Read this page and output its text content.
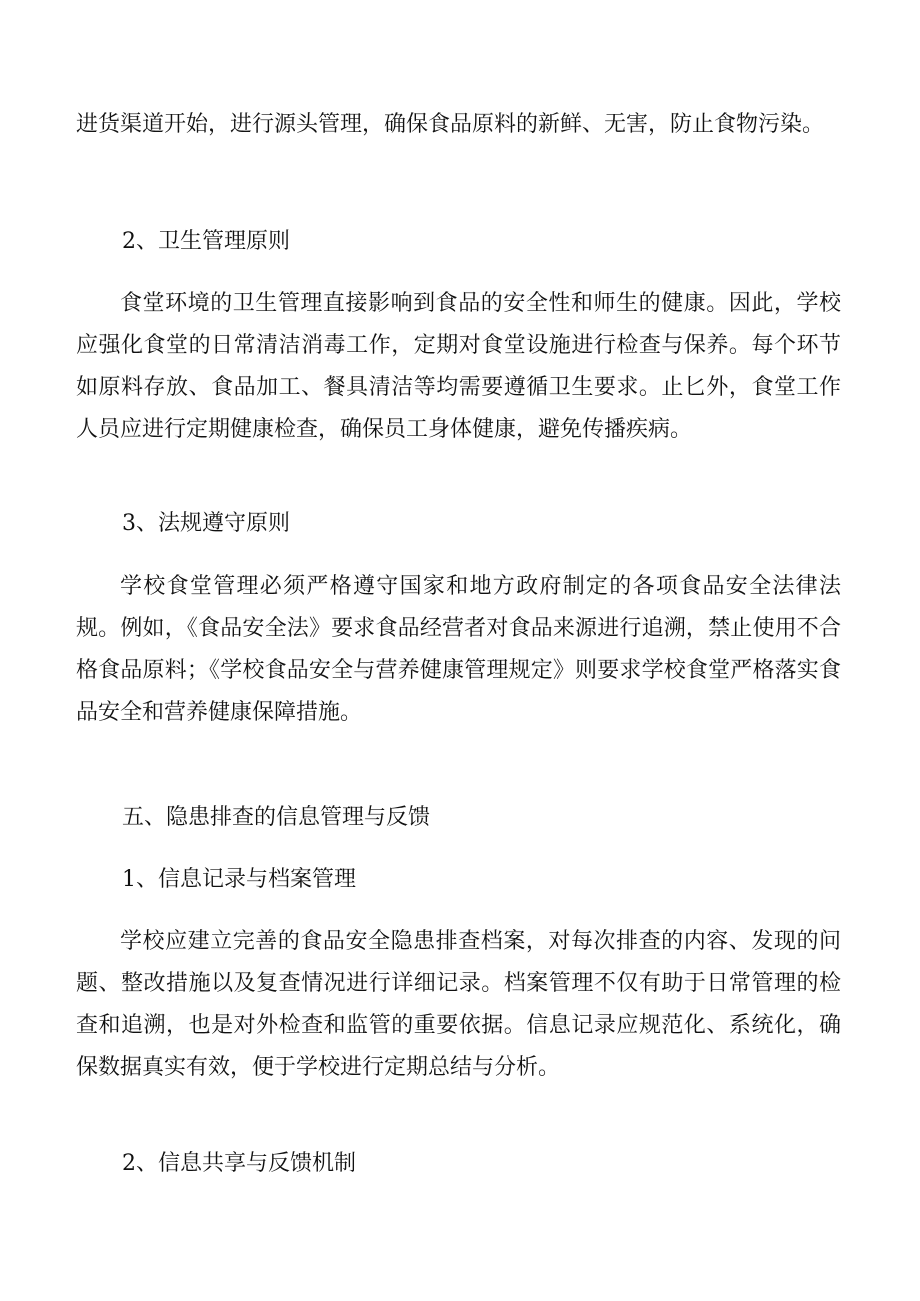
进货渠道开始，进行源头管理，确保食品原料的新鲜、无害，防止食物污染。

2、卫生管理原则

食堂环境的卫生管理直接影响到食品的安全性和师生的健康。因此，学校应强化食堂的日常清洁消毒工作，定期对食堂设施进行检查与保养。每个环节如原料存放、食品加工、餐具清洁等均需要遵循卫生要求。止匕外，食堂工作人员应进行定期健康检查，确保员工身体健康，避免传播疾病。

3、法规遵守原则

学校食堂管理必须严格遵守国家和地方政府制定的各项食品安全法律法规。例如，《食品安全法》要求食品经营者对食品来源进行追溯，禁止使用不合格食品原料；《学校食品安全与营养健康管理规定》则要求学校食堂严格落实食品安全和营养健康保障措施。

五、隐患排查的信息管理与反馈

1、信息记录与档案管理

学校应建立完善的食品安全隐患排查档案，对每次排查的内容、发现的问题、整改措施以及复查情况进行详细记录。档案管理不仅有助于日常管理的检查和追溯，也是对外检查和监管的重要依据。信息记录应规范化、系统化，确保数据真实有效，便于学校进行定期总结与分析。

2、信息共享与反馈机制
